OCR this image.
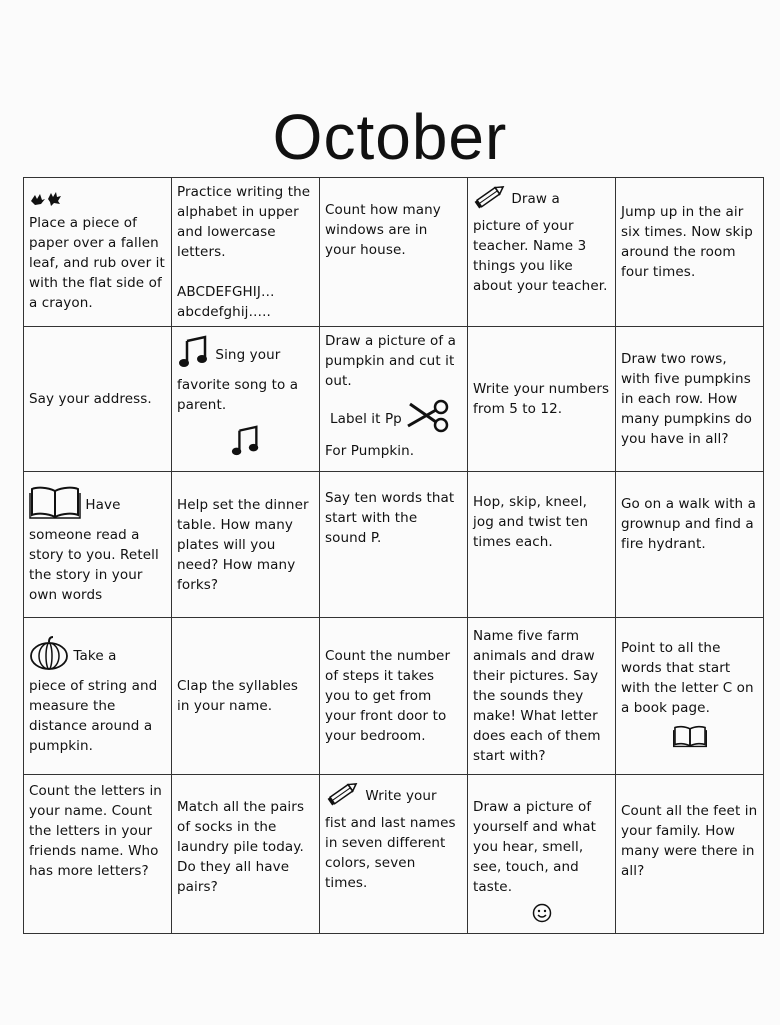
October
Place a piece of paper over a fallen leaf, and rub over it with the flat side of a crayon.	Practice writing the alphabet in upper and lowercase letters.
ABCDEFGHIJ…
abcdefghij…..	Count how many windows are in your house.	Draw a
picture of your teacher. Name 3 things you like about your teacher.	Jump up in the air six times. Now skip around the room four times.

Say your address.	Sing your
favorite song to a parent.	Draw a picture of a pumpkin and cut it out.
Label it Pp
For Pumpkin.	Write your numbers from 5 to 12.	Draw two rows, with five pumpkins in each row. How many pumpkins do you have in all?

Have
someone read a story to you. Retell the story in your own words	Help set the dinner table. How many plates will you need? How many forks?	Say ten words that start with the sound P.	Hop, skip, kneel, jog and twist ten times each.	Go on a walk with a grownup and find a fire hydrant.

Take a
piece of string and measure the distance around a pumpkin.	Clap the syllables in your name.	Count the number of steps it takes you to get from your front door to your bedroom.	Name five farm animals and draw their pictures. Say the sounds they make! What letter does each of them start with?	Point to all the words that start with the letter C on a book page.

Count the letters in your name. Count the letters in your friends name. Who has more letters?	Match all the pairs of socks in the laundry pile today. Do they all have pairs?	Write your
fist and last names in seven different colors, seven times.	Draw a picture of yourself and what you hear, smell, see, touch, and taste.	Count all the feet in your family. How many were there in all?
